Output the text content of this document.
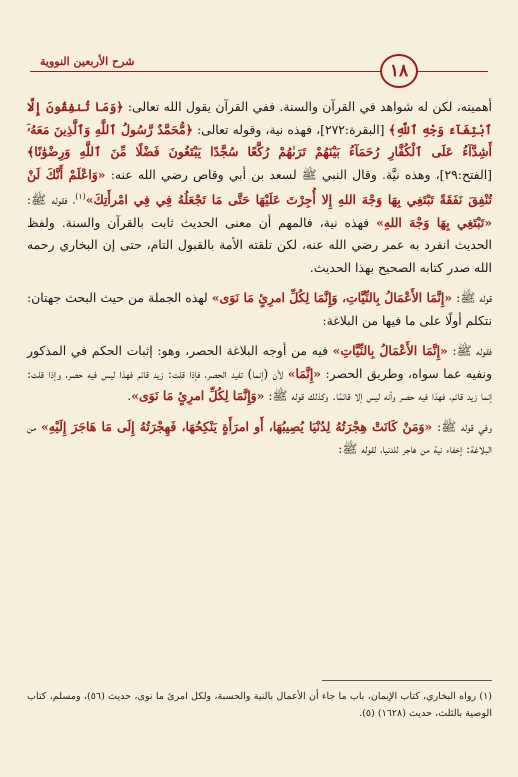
شرح الأربعين النووية	١٨

أهميته، لكن له شواهد في القرآن والسنة. ففي القرآن يقول الله تعالى: ﴿وَمَا تُنفِقُونَ إِلَّا ٱبْتِغَآءَ وَجْهِ ٱللَّهِ﴾ [البقرة:٢٧٢]، فهذه نية، وقوله تعالى: ﴿مُّحَمَّدٌ رَّسُولُ ٱللَّهِ وَٱلَّذِينَ مَعَهُۥٓ أَشِدَّآءُ عَلَى ٱلْكُفَّارِ رُحَمَآءُ بَيْنَهُمْ تَرَىٰهُمْ رُكَّعًا سُجَّدًا يَبْتَغُونَ فَضْلًا مِّنَ ٱللَّهِ وَرِضْوَٰنًا﴾ [الفتح:٢٩]، وهذه نيَّة. وقال النبي ﷺ لسعد بن أبي وقاص رضي الله عنه: «وَاعْلَمْ أَنَّكَ لَنْ تُنْفِقَ نَفَقَةً تَبْتَغِي بِهَا وَجْهَ اللهِ إِلا أُجِرْتَ عَلَيْهَا حَتَّى مَا تَجْعَلُهُ فِي فِي امْرأَتِكَ»$^{(١)}$، فقوله ﷺ: «تَبْتَغِي بِهَا وَجْهَ اللهِ» فهذه نية، فالمهم أن معنى الحديث ثابت بالقرآن والسنة. ولفظ الحديث انفرد به عمر رضي الله عنه، لكن تلقته الأمة بالقبول التام، حتى إن البخاري رحمه الله صدر كتابه الصحيح بهذا الحديث.

قوله ﷺ: «إِنَّمَا الأَعْمَالُ بِالنِّيَّاتِ، وَإِنَّمَا لِكُلِّ امرِئٍ مَا نَوَى» لهذه الجملة من حيث البحث جهتان: نتكلم أولًا على ما فيها من البلاغة:

فقوله ﷺ: «إِنَّمَا الأَعْمَالُ بِالنِّيَّاتِ» فيه من أوجه البلاغة الحصر، وهو: إثبات الحكم في المذكور ونفيه عما سواه، وطريق الحصر: «إِنَّمَا» لأن (إنما) تفيد الحصر، فإذا قلت: زيد قائم فهذا ليس فيه حصر، وإذا قلت: إنما زيد قائم، فهذا فيه حصر وأنه ليس إلا قائمًا. وكذلك قوله ﷺ: «وَإِنَّمَا لِكُلِّ امرِئٍ مَا نَوَى».

وفي قوله ﷺ: «وَمَنْ كَانَتْ هِجْرَتُهُ لِدُنْيَا يُصِيبُهَا، أَو امرَأَةٍ يَنْكِحُهَا، فَهِجْرَتُهُ إِلَى مَا هَاجَرَ إِلَيْهِ» من البلاغة: إخفاء نية من هاجر للدنيا، لقوله ﷺ:

(١) رواه البخاري، كتاب الإيمان، باب ما جاء أن الأعمال بالنية والحسبة، ولكل امرئ ما نوى، حديث (٥٦)، ومسلم، كتاب الوصية بالثلث، حديث (١٦٢٨) (٥).
